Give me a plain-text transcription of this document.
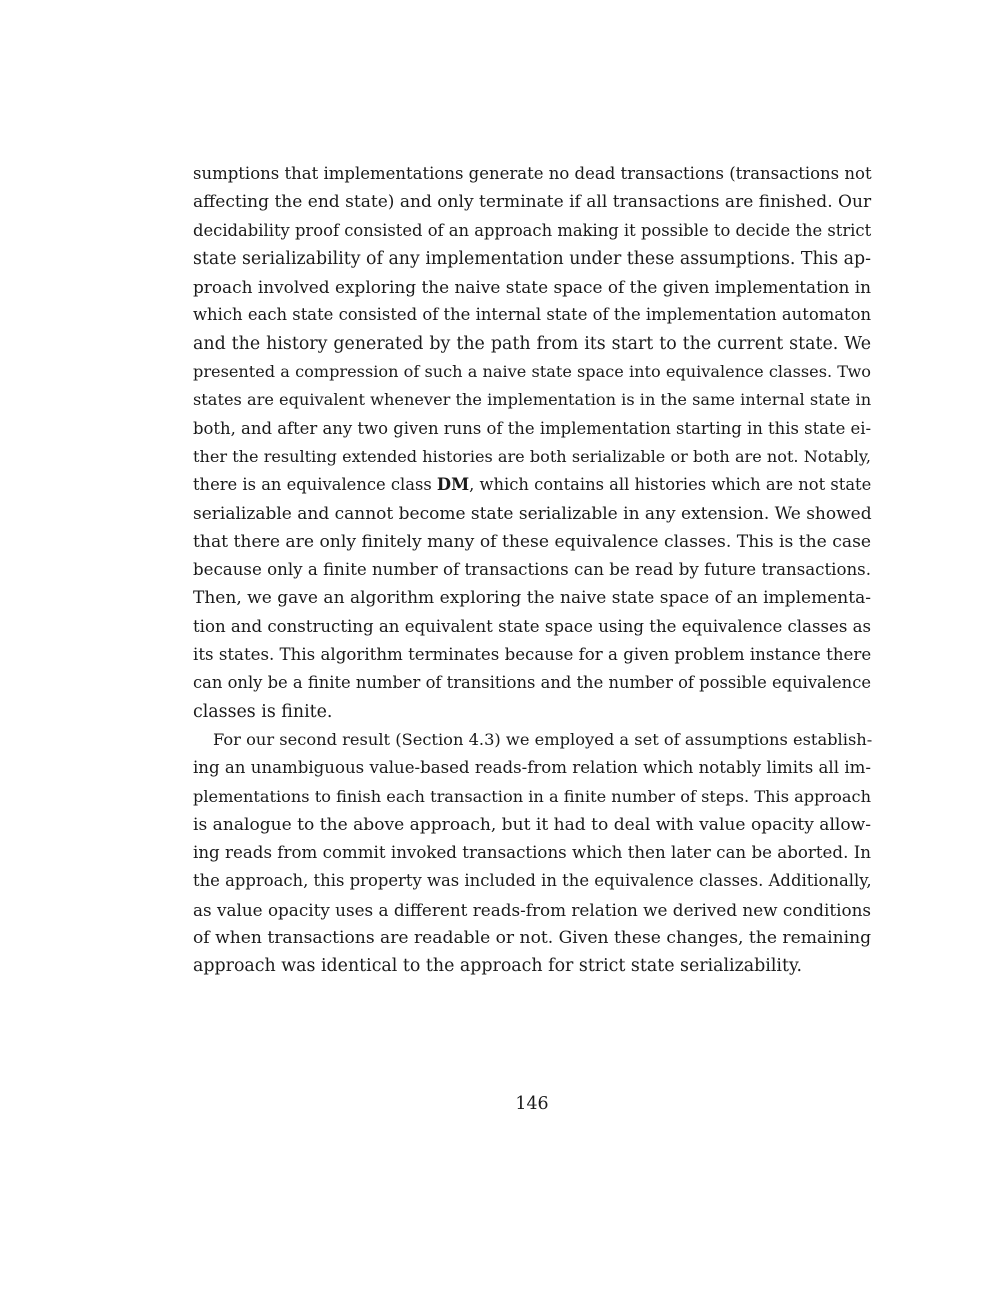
sumptions that implementations generate no dead transactions (transactions not
affecting the end state) and only terminate if all transactions are finished. Our
decidability proof consisted of an approach making it possible to decide the strict
state serializability of any implementation under these assumptions. This ap-
proach involved exploring the naive state space of the given implementation in
which each state consisted of the internal state of the implementation automaton
and the history generated by the path from its start to the current state. We
presented a compression of such a naive state space into equivalence classes. Two
states are equivalent whenever the implementation is in the same internal state in
both, and after any two given runs of the implementation starting in this state ei-
ther the resulting extended histories are both serializable or both are not. Notably,
there is an equivalence class DM, which contains all histories which are not state
serializable and cannot become state serializable in any extension. We showed
that there are only finitely many of these equivalence classes. This is the case
because only a finite number of transactions can be read by future transactions.
Then, we gave an algorithm exploring the naive state space of an implementa-
tion and constructing an equivalent state space using the equivalence classes as
its states. This algorithm terminates because for a given problem instance there
can only be a finite number of transitions and the number of possible equivalence
classes is finite.
For our second result (Section 4.3) we employed a set of assumptions establish-
ing an unambiguous value-based reads-from relation which notably limits all im-
plementations to finish each transaction in a finite number of steps. This approach
is analogue to the above approach, but it had to deal with value opacity allow-
ing reads from commit invoked transactions which then later can be aborted. In
the approach, this property was included in the equivalence classes. Additionally,
as value opacity uses a different reads-from relation we derived new conditions
of when transactions are readable or not. Given these changes, the remaining
approach was identical to the approach for strict state serializability.
146
